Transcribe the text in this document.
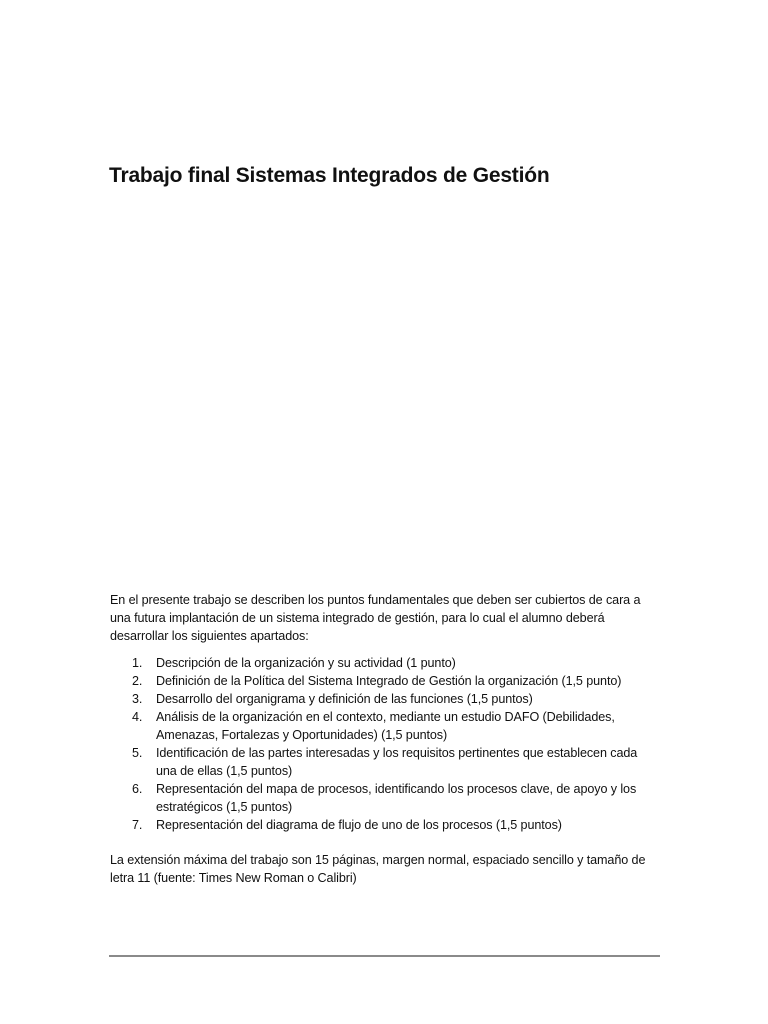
Trabajo final Sistemas Integrados de Gestión

En el presente trabajo se describen los puntos fundamentales que deben ser cubiertos de cara a una futura implantación de un sistema integrado de gestión, para lo cual el alumno deberá desarrollar los siguientes apartados:

1. Descripción de la organización y su actividad (1 punto)
2. Definición de la Política del Sistema Integrado de Gestión la organización (1,5 punto)
3. Desarrollo del organigrama y definición de las funciones (1,5 puntos)
4. Análisis de la organización en el contexto, mediante un estudio DAFO (Debilidades, Amenazas, Fortalezas y Oportunidades) (1,5 puntos)
5. Identificación de las partes interesadas y los requisitos pertinentes que establecen cada una de ellas (1,5 puntos)
6. Representación del mapa de procesos, identificando los procesos clave, de apoyo y los estratégicos (1,5 puntos)
7. Representación del diagrama de flujo de uno de los procesos (1,5 puntos)

La extensión máxima del trabajo son 15 páginas, margen normal, espaciado sencillo y tamaño de letra 11 (fuente: Times New Roman o Calibri)
